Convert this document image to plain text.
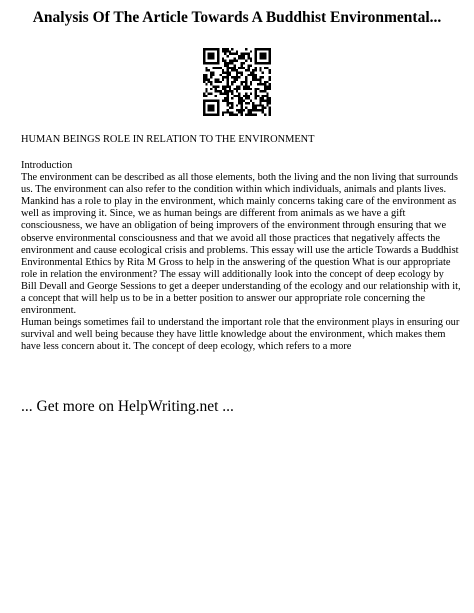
Analysis Of The Article Towards A Buddhist Environmental...
HUMAN BEINGS ROLE IN RELATION TO THE ENVIRONMENT

Introduction

The environment can be described as all those elements, both the living and the non living that surrounds us. The environment can also refer to the condition within which individuals, animals and plants lives. Mankind has a role to play in the environment, which mainly concerns taking care of the environment as well as improving it. Since, we as human beings are different from animals as we have a gift consciousness, we have an obligation of being improvers of the environment through ensuring that we observe environmental consciousness and that we avoid all those practices that negatively affects the environment and cause ecological crisis and problems. This essay will use the article Towards a Buddhist Environmental Ethics by Rita M Gross to help in the answering of the question What is our appropriate role in relation the environment? The essay will additionally look into the concept of deep ecology by Bill Devall and George Sessions to get a deeper understanding of the ecology and our relationship with it, a concept that will help us to be in a better position to answer our appropriate role concerning the environment.

Human beings sometimes fail to understand the important role that the environment plays in ensuring our survival and well being because they have little knowledge about the environment, which makes them have less concern about it. The concept of deep ecology, which refers to a more

... Get more on HelpWriting.net ...
